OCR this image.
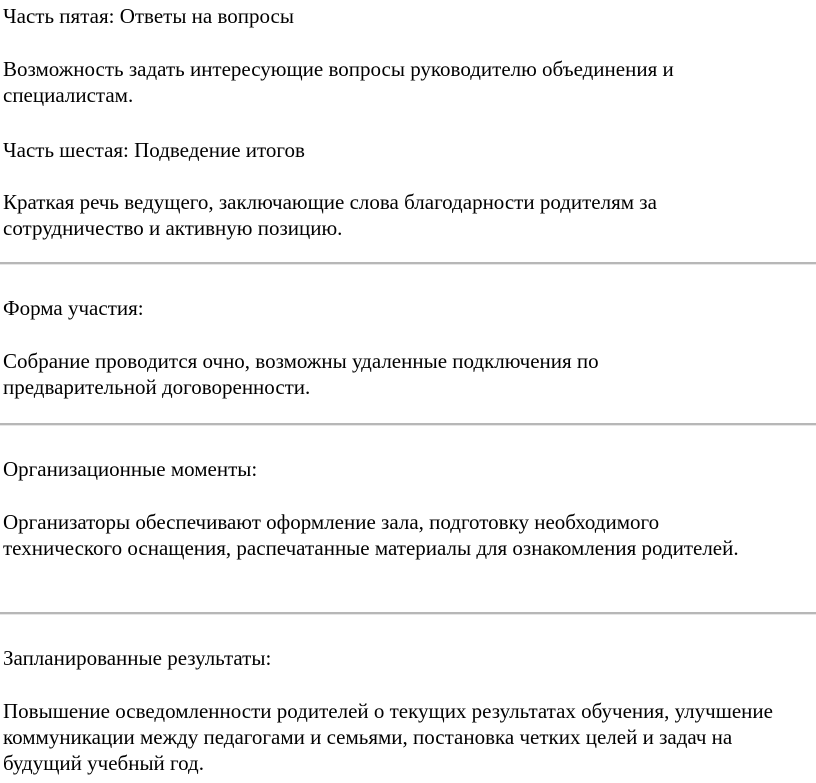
Часть пятая: Ответы на вопросы

Возможность задать интересующие вопросы руководителю объединения и специалистам.

Часть шестая: Подведение итогов

Краткая речь ведущего, заключающие слова благодарности родителям за сотрудничество и активную позицию.

Форма участия:

Собрание проводится очно, возможны удаленные подключения по предварительной договоренности.

Организационные моменты:

Организаторы обеспечивают оформление зала, подготовку необходимого технического оснащения, распечатанные материалы для ознакомления родителей.

Запланированные результаты:

Повышение осведомленности родителей о текущих результатах обучения, улучшение коммуникации между педагогами и семьями, постановка четких целей и задач на будущий учебный год.
